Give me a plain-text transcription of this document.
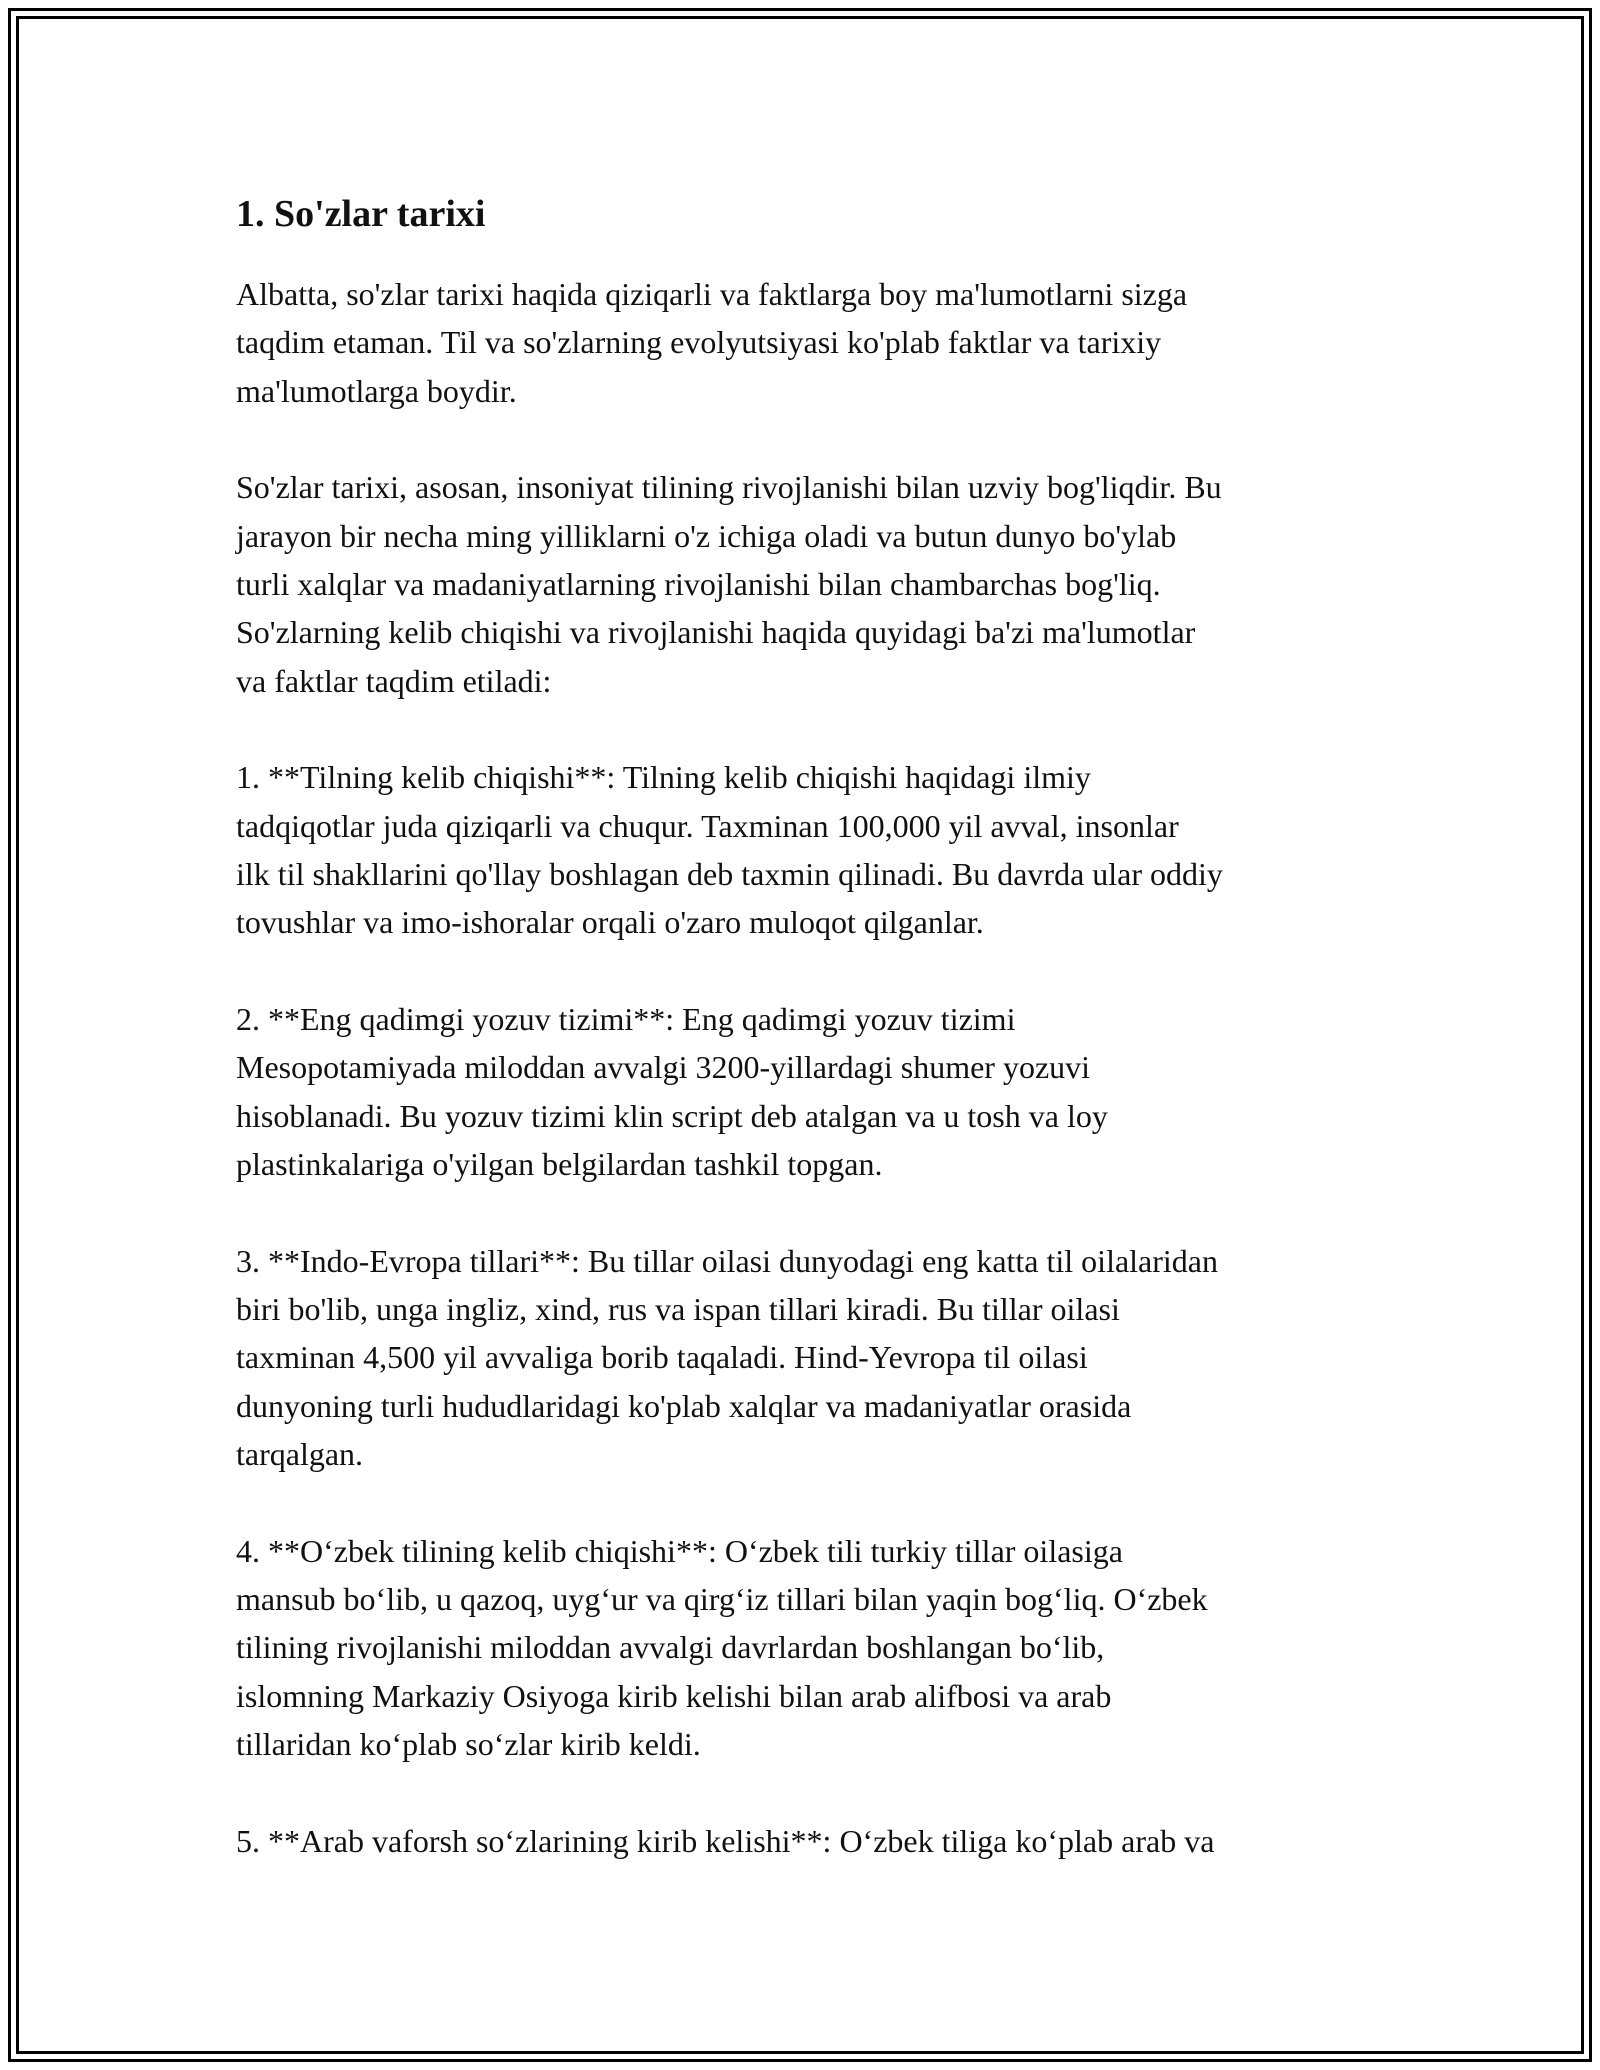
1. So'zlar tarixi

Albatta, so'zlar tarixi haqida qiziqarli va faktlarga boy ma'lumotlarni sizga
taqdim etaman. Til va so'zlarning evolyutsiyasi ko'plab faktlar va tarixiy
ma'lumotlarga boydir.

So'zlar tarixi, asosan, insoniyat tilining rivojlanishi bilan uzviy bog'liqdir. Bu
jarayon bir necha ming yilliklarni o'z ichiga oladi va butun dunyo bo'ylab
turli xalqlar va madaniyatlarning rivojlanishi bilan chambarchas bog'liq.
So'zlarning kelib chiqishi va rivojlanishi haqida quyidagi ba'zi ma'lumotlar
va faktlar taqdim etiladi:

1. **Tilning kelib chiqishi**: Tilning kelib chiqishi haqidagi ilmiy
tadqiqotlar juda qiziqarli va chuqur. Taxminan 100,000 yil avval, insonlar
ilk til shakllarini qo'llay boshlagan deb taxmin qilinadi. Bu davrda ular oddiy
tovushlar va imo-ishoralar orqali o'zaro muloqot qilganlar.

2. **Eng qadimgi yozuv tizimi**: Eng qadimgi yozuv tizimi
Mesopotamiyada miloddan avvalgi 3200-yillardagi shumer yozuvi
hisoblanadi. Bu yozuv tizimi klin script deb atalgan va u tosh va loy
plastinkalariga o'yilgan belgilardan tashkil topgan.

3. **Indo-Evropa tillari**: Bu tillar oilasi dunyodagi eng katta til oilalaridan
biri bo'lib, unga ingliz, xind, rus va ispan tillari kiradi. Bu tillar oilasi
taxminan 4,500 yil avvaliga borib taqaladi. Hind-Yevropa til oilasi
dunyoning turli hududlaridagi ko'plab xalqlar va madaniyatlar orasida
tarqalgan.

4. **O‘zbek tilining kelib chiqishi**: O‘zbek tili turkiy tillar oilasiga
mansub bo‘lib, u qazoq, uyg‘ur va qirg‘iz tillari bilan yaqin bog‘liq. O‘zbek
tilining rivojlanishi miloddan avvalgi davrlardan boshlangan bo‘lib,
islomning Markaziy Osiyoga kirib kelishi bilan arab alifbosi va arab
tillaridan ko‘plab so‘zlar kirib keldi.

5. **Arab vaforsh so‘zlarining kirib kelishi**: O‘zbek tiliga ko‘plab arab va
